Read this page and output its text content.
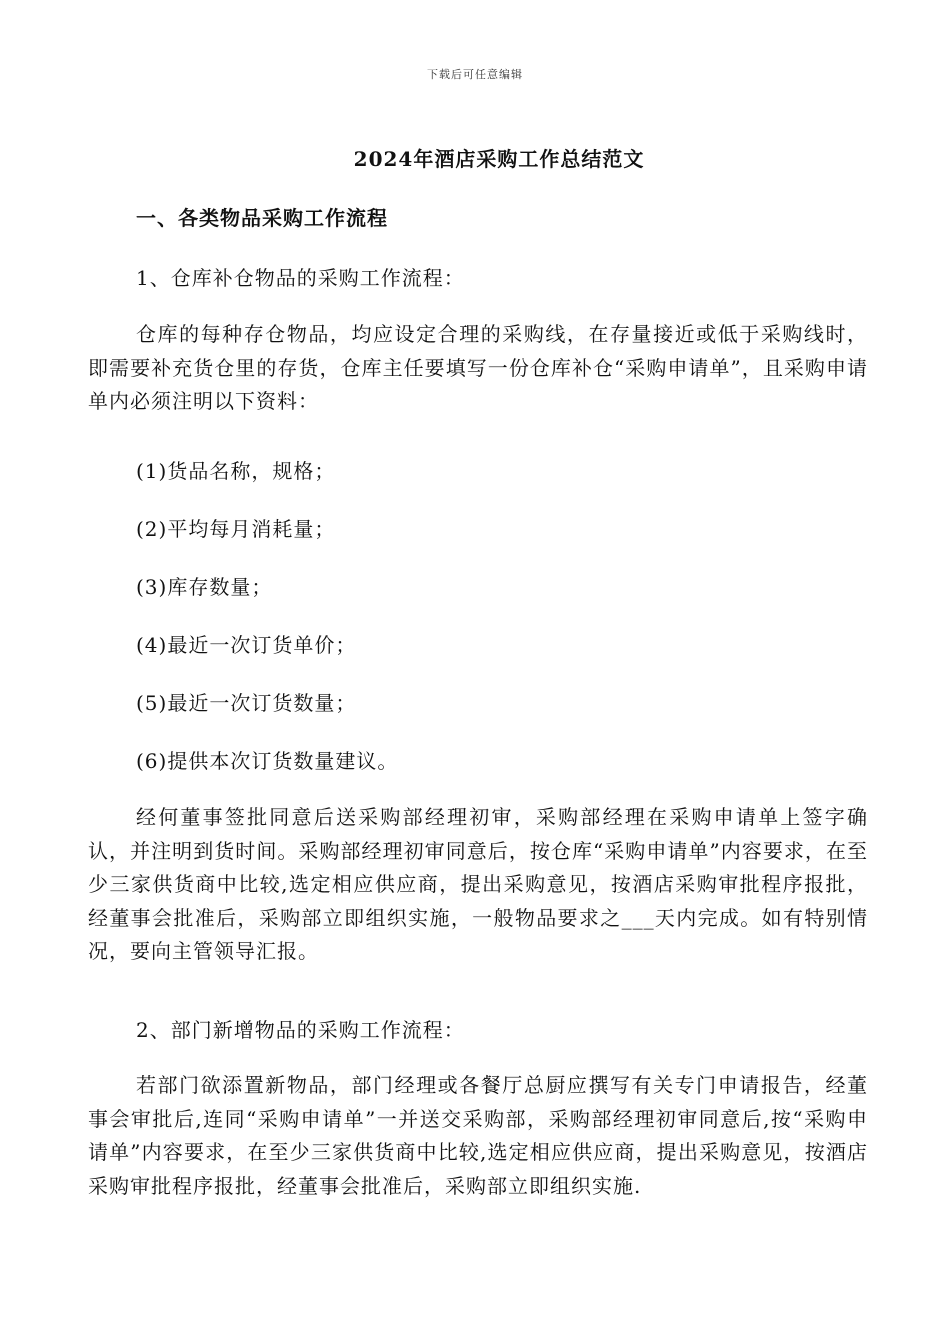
下载后可任意编辑
2024年酒店采购工作总结范文
一、各类物品采购工作流程
1、仓库补仓物品的采购工作流程：
仓库的每种存仓物品，均应设定合理的采购线，在存量接近或低于采购线时，即需要补充货仓里的存货，仓库主任要填写一份仓库补仓“采购申请单”，且采购申请单内必须注明以下资料：
(1)货品名称，规格；
(2)平均每月消耗量；
(3)库存数量；
(4)最近一次订货单价；
(5)最近一次订货数量；
(6)提供本次订货数量建议。
经何董事签批同意后送采购部经理初审，采购部经理在采购申请单上签字确认，并注明到货时间。采购部经理初审同意后，按仓库“采购申请单”内容要求，在至少三家供货商中比较,选定相应供应商，提出采购意见，按酒店采购审批程序报批，经董事会批准后，采购部立即组织实施，一般物品要求之___天内完成。如有特别情况，要向主管领导汇报。
2、部门新增物品的采购工作流程：
若部门欲添置新物品，部门经理或各餐厅总厨应撰写有关专门申请报告，经董事会审批后,连同“采购申请单”一并送交采购部，采购部经理初审同意后,按“采购申请单”内容要求，在至少三家供货商中比较,选定相应供应商，提出采购意见，按酒店采购审批程序报批，经董事会批准后，采购部立即组织实施.
